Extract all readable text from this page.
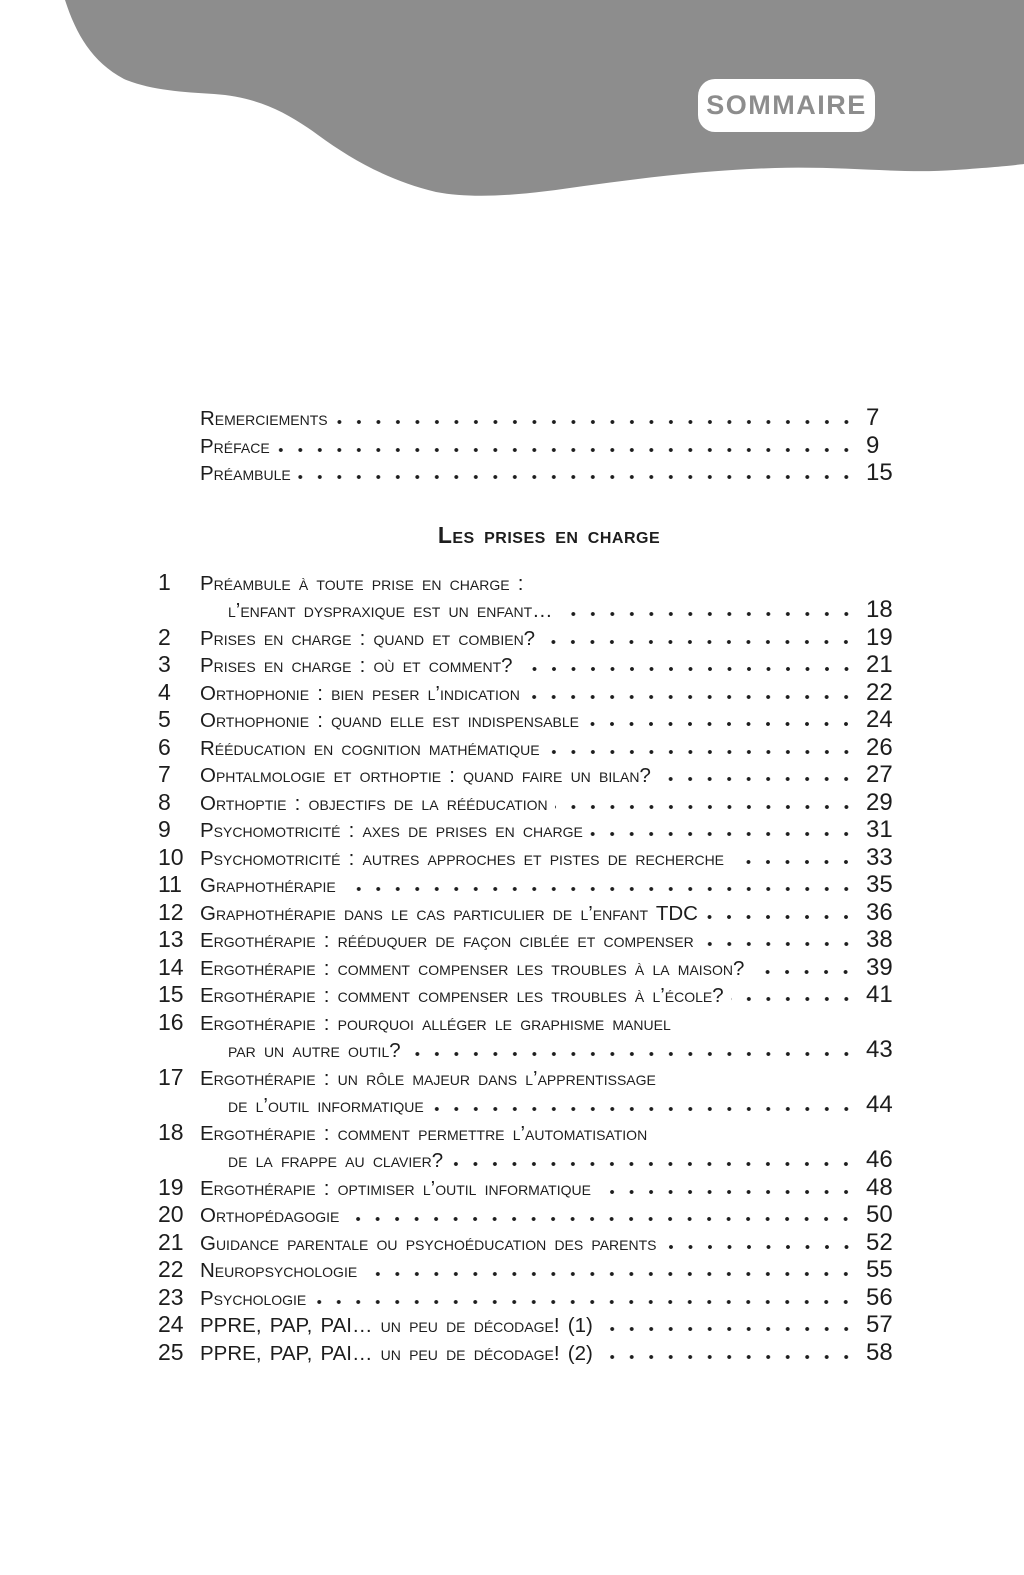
SOMMAIRE
Remerciements	7
Préface	9
Préambule	15
Les prises en charge
1	Préambule à toute prise en charge :
l’enfant dyspraxique est un enfant…	18
2	Prises en charge : quand et combien?	19
3	Prises en charge : où et comment?	21
4	Orthophonie : bien peser l’indication	22
5	Orthophonie : quand elle est indispensable	24
6	Rééducation en cognition mathématique	26
7	Ophtalmologie et orthoptie : quand faire un bilan?	27
8	Orthoptie : objectifs de la rééducation	29
9	Psychomotricité : axes de prises en charge	31
10 Psychomotricité : autres approches et pistes de recherche	33
11 Graphothérapie	35
12 Graphothérapie dans le cas particulier de l’enfant TDC	36
13 Ergothérapie : rééduquer de façon ciblée et compenser	38
14 Ergothérapie : comment compenser les troubles à la maison?	39
15 Ergothérapie : comment compenser les troubles à l’école?	41
16 Ergothérapie : pourquoi alléger le graphisme manuel
par un autre outil?	43
17 Ergothérapie : un rôle majeur dans l’apprentissage
de l’outil informatique	44
18 Ergothérapie : comment permettre l’automatisation
de la frappe au clavier?	46
19 Ergothérapie : optimiser l’outil informatique	48
20 Orthopédagogie	50
21 Guidance parentale ou psychoéducation des parents	52
22 Neuropsychologie	55
23 Psychologie	56
24 PPRE, PAP, PAI… un peu de décodage! (1)	57
25 PPRE, PAP, PAI… un peu de décodage! (2)	58
